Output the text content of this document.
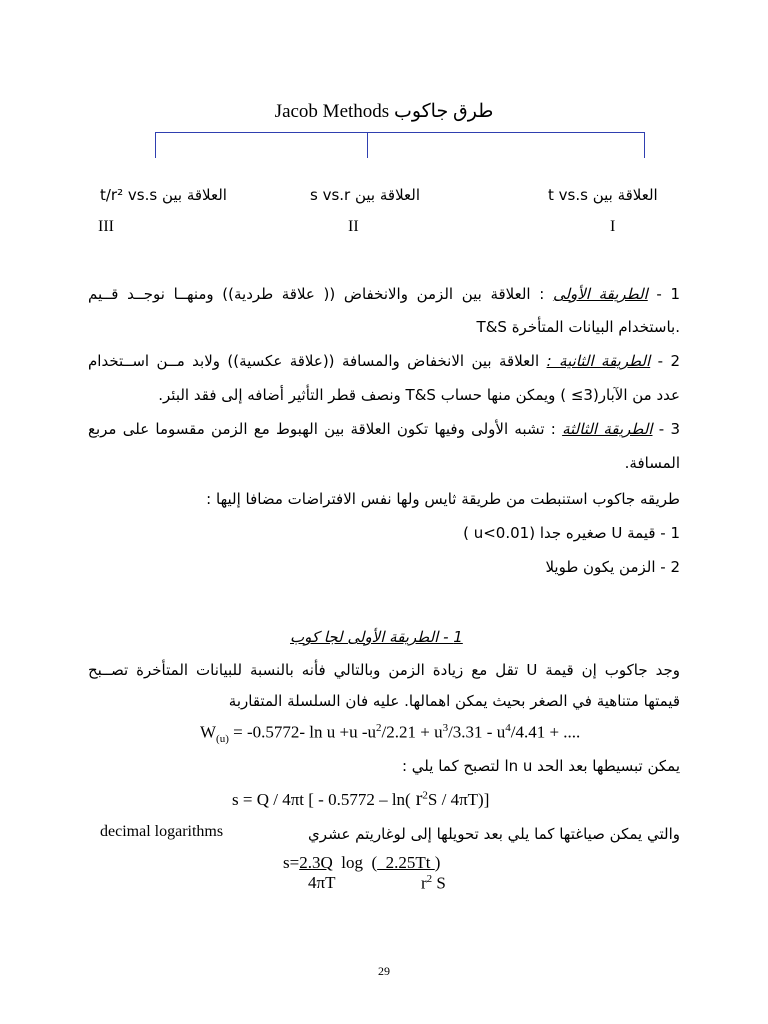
Jacob Methods طرق جاكوب
t/r² vs.s العلاقة بين	s vs.r العلاقة بين	t vs.s العلاقة بين
III	II	I
1 - الطريقة الأولى : العلاقة بين الزمن والانخفاض (( علاقة طردية)) ومنهــا نوجــد قــيم
T&S باستخدام البيانات المتأخرة.
2 - الطريقة الثانية : العلاقة بين الانخفاض والمسافة ((علاقة عكسية)) ولابد مــن اســتخدام
عدد من الآبار(3≥ ) ويمكن منها حساب T&S ونصف قطر التأثير أضافه إلى فقد البئر.
3 - الطريقة الثالثة : تشبه الأولى وفيها تكون العلاقة بين الهبوط مع الزمن مقسوما على مربع
المسافة.
طريقه جاكوب استنبطت من طريقة ثايس ولها نفس الافتراضات مضافا إليها :
1 - قيمة U صغيره جدا (u<0.01 )
2 - الزمن يكون طويلا
1 - الطريقة الأولى لجا كوب
وجد جاكوب إن قيمة U تقل مع زيادة الزمن وبالتالي فأنه بالنسبة للبيانات المتأخرة تصــبح
قيمتها متناهية في الصغر بحيث يمكن اهمالها. عليه فان السلسلة المتقاربة
$W_{(u)} = -0.5772-$ ln u +u $-u^2/2.21 + u^3/3.31 - u^4/4.41$ + ....
يمكن تبسيطها بعد الحد ln u لتصبح كما يلي :
s = Q / 4πt [ - 0.5772 – ln( $r^2S / 4\pi T$)]
والتي يمكن صياغتها كما يلي بعد تحويلها إلى لوغاريتم عشري
decimal logarithms
s=2.3Q  log  (  2.25Tt )
4πT	$r^2$ S
29
